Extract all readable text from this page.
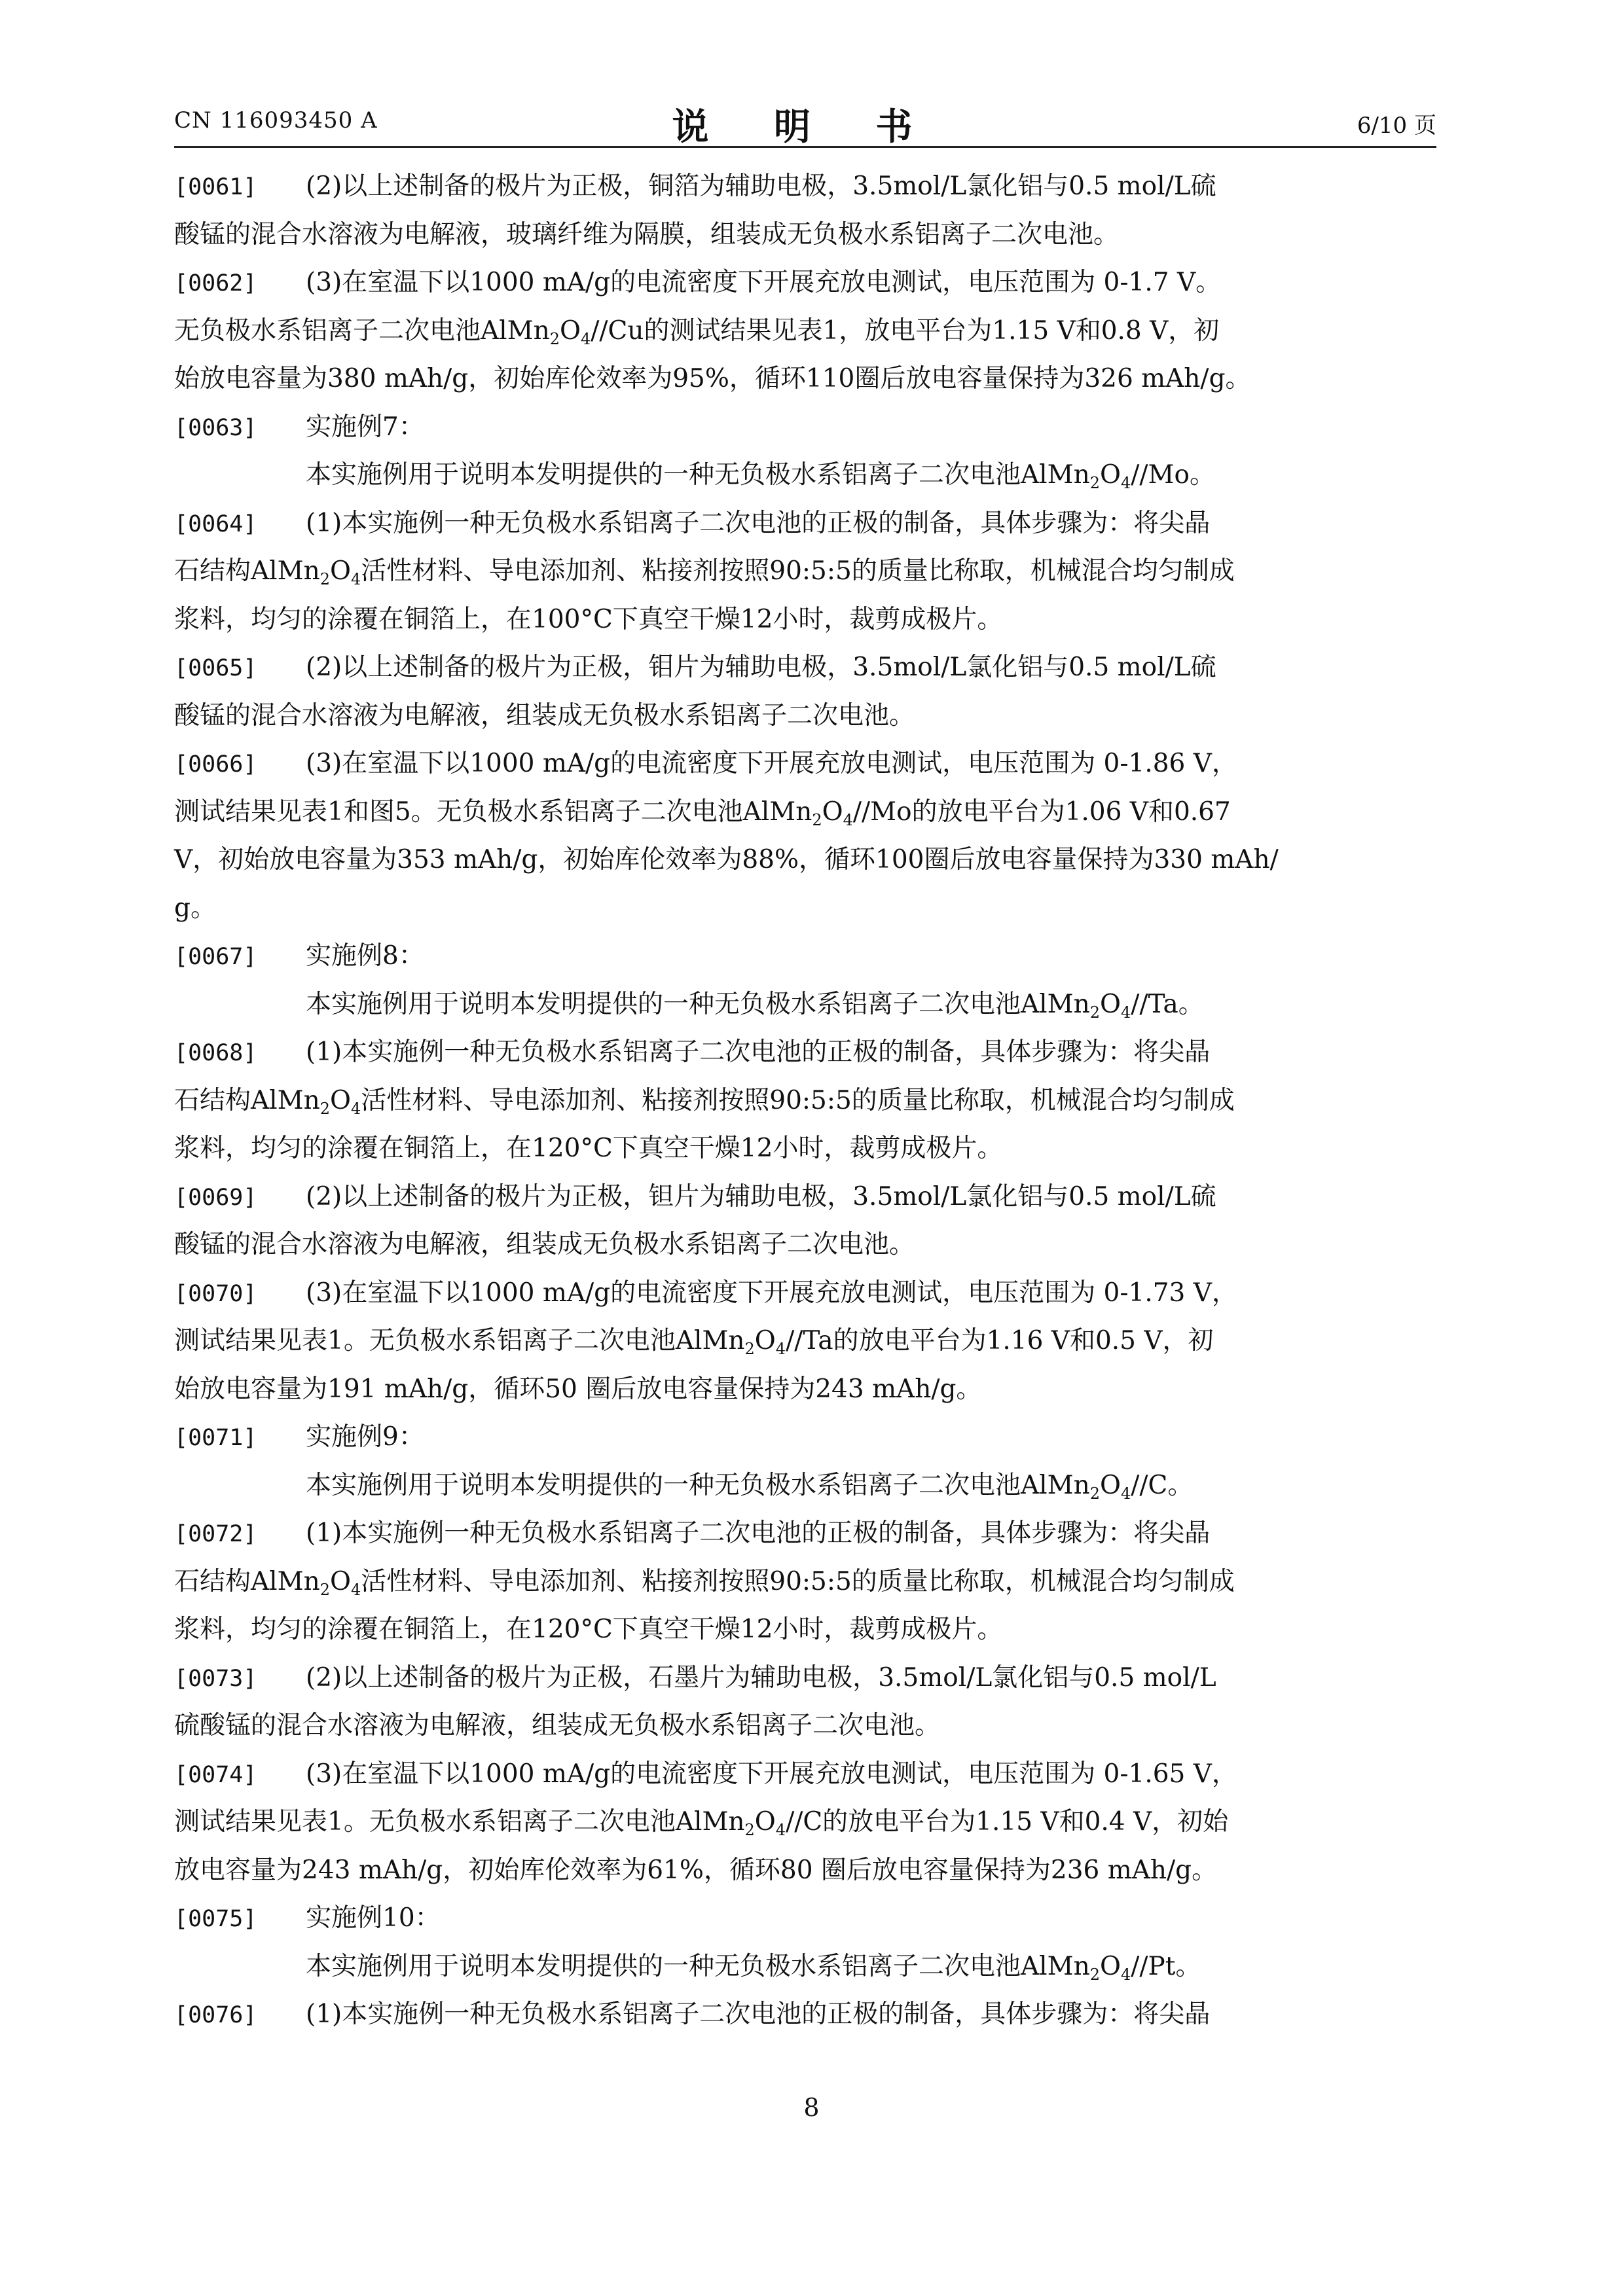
CN 116093450 A	说 明 书	6/10 页
[0061] (2)以上述制备的极片为正极，铜箔为辅助电极，3.5mol/L氯化铝与0.5 mol/L硫
酸锰的混合水溶液为电解液，玻璃纤维为隔膜，组装成无负极水系铝离子二次电池。
[0062] (3)在室温下以1000 mA/g的电流密度下开展充放电测试，电压范围为 0-1.7 V。
无负极水系铝离子二次电池$AlMn_2O_4//Cu$的测试结果见表1，放电平台为1.15 V和0.8 V，初
始放电容量为380 mAh/g，初始库伦效率为95%，循环110圈后放电容量保持为326 mAh/g。
[0063] 实施例7：
本实施例用于说明本发明提供的一种无负极水系铝离子二次电池$AlMn_2O_4//Mo$。
[0064] (1)本实施例一种无负极水系铝离子二次电池的正极的制备，具体步骤为：将尖晶
石结构$AlMn_2O_4$活性材料、导电添加剂、粘接剂按照90:5:5的质量比称取，机械混合均匀制成
浆料，均匀的涂覆在铜箔上，在100°C下真空干燥12小时，裁剪成极片。
[0065] (2)以上述制备的极片为正极，钼片为辅助电极，3.5mol/L氯化铝与0.5 mol/L硫
酸锰的混合水溶液为电解液，组装成无负极水系铝离子二次电池。
[0066] (3)在室温下以1000 mA/g的电流密度下开展充放电测试，电压范围为 0-1.86 V，
测试结果见表1和图5。无负极水系铝离子二次电池$AlMn_2O_4//Mo$的放电平台为1.06 V和0.67
V，初始放电容量为353 mAh/g，初始库伦效率为88%，循环100圈后放电容量保持为330 mAh/
g。
[0067] 实施例8：
本实施例用于说明本发明提供的一种无负极水系铝离子二次电池$AlMn_2O_4//Ta$。
[0068] (1)本实施例一种无负极水系铝离子二次电池的正极的制备，具体步骤为：将尖晶
石结构$AlMn_2O_4$活性材料、导电添加剂、粘接剂按照90:5:5的质量比称取，机械混合均匀制成
浆料，均匀的涂覆在铜箔上，在120°C下真空干燥12小时，裁剪成极片。
[0069] (2)以上述制备的极片为正极，钽片为辅助电极，3.5mol/L氯化铝与0.5 mol/L硫
酸锰的混合水溶液为电解液，组装成无负极水系铝离子二次电池。
[0070] (3)在室温下以1000 mA/g的电流密度下开展充放电测试，电压范围为 0-1.73 V，
测试结果见表1。无负极水系铝离子二次电池$AlMn_2O_4//Ta$的放电平台为1.16 V和0.5 V，初
始放电容量为191 mAh/g，循环50 圈后放电容量保持为243 mAh/g。
[0071] 实施例9：
本实施例用于说明本发明提供的一种无负极水系铝离子二次电池$AlMn_2O_4//C$。
[0072] (1)本实施例一种无负极水系铝离子二次电池的正极的制备，具体步骤为：将尖晶
石结构$AlMn_2O_4$活性材料、导电添加剂、粘接剂按照90:5:5的质量比称取，机械混合均匀制成
浆料，均匀的涂覆在铜箔上，在120°C下真空干燥12小时，裁剪成极片。
[0073] (2)以上述制备的极片为正极，石墨片为辅助电极，3.5mol/L氯化铝与0.5 mol/L
硫酸锰的混合水溶液为电解液，组装成无负极水系铝离子二次电池。
[0074] (3)在室温下以1000 mA/g的电流密度下开展充放电测试，电压范围为 0-1.65 V，
测试结果见表1。无负极水系铝离子二次电池$AlMn_2O_4//C$的放电平台为1.15 V和0.4 V，初始
放电容量为243 mAh/g，初始库伦效率为61%，循环80 圈后放电容量保持为236 mAh/g。
[0075] 实施例10：
本实施例用于说明本发明提供的一种无负极水系铝离子二次电池$AlMn_2O_4//Pt$。
[0076] (1)本实施例一种无负极水系铝离子二次电池的正极的制备，具体步骤为：将尖晶
8
